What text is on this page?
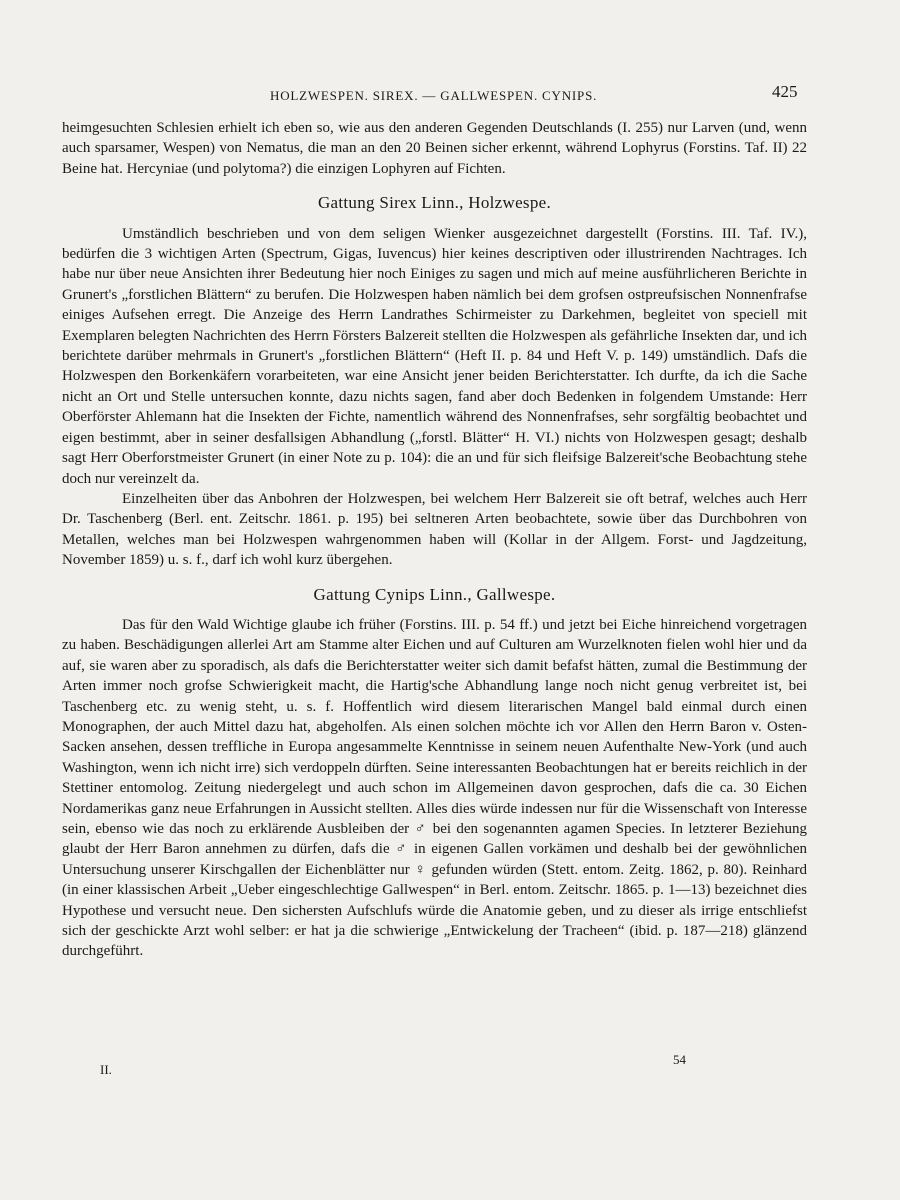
HOLZWESPEN. SIREX. — GALLWESPEN. CYNIPS.	425

heimgesuchten Schlesien erhielt ich eben so, wie aus den anderen Gegenden Deutschlands (I. 255) nur Larven (und, wenn auch sparsamer, Wespen) von Nematus, die man an den 20 Beinen sicher erkennt, während Lophyrus (Forstins. Taf. II) 22 Beine hat. Hercyniae (und polytoma?) die einzigen Lophyren auf Fichten.

Gattung Sirex Linn., Holzwespe.

Umständlich beschrieben und von dem seligen Wienker ausgezeichnet dargestellt (Forstins. III. Taf. IV.), bedürfen die 3 wichtigen Arten (Spectrum, Gigas, Iuvencus) hier keines descriptiven oder illustrirenden Nachtrages. Ich habe nur über neue Ansichten ihrer Bedeutung hier noch Einiges zu sagen und mich auf meine ausführlicheren Berichte in Grunert's „forstlichen Blättern“ zu berufen. Die Holzwespen haben nämlich bei dem grofsen ostpreufsischen Nonnenfrafse einiges Aufsehen erregt. Die Anzeige des Herrn Landrathes Schirmeister zu Darkehmen, begleitet von speciell mit Exemplaren belegten Nachrichten des Herrn Försters Balzereit stellten die Holzwespen als gefährliche Insekten dar, und ich berichtete darüber mehrmals in Grunert's „forstlichen Blättern“ (Heft II. p. 84 und Heft V. p. 149) umständlich. Dafs die Holzwespen den Borkenkäfern vorarbeiteten, war eine Ansicht jener beiden Berichterstatter. Ich durfte, da ich die Sache nicht an Ort und Stelle untersuchen konnte, dazu nichts sagen, fand aber doch Bedenken in folgendem Umstande: Herr Oberförster Ahlemann hat die Insekten der Fichte, namentlich während des Nonnenfrafses, sehr sorgfältig beobachtet und eigen bestimmt, aber in seiner desfallsigen Abhandlung („forstl. Blätter“ H. VI.) nichts von Holzwespen gesagt; deshalb sagt Herr Oberforstmeister Grunert (in einer Note zu p. 104): die an und für sich fleifsige Balzereit'sche Beobachtung stehe doch nur vereinzelt da.

Einzelheiten über das Anbohren der Holzwespen, bei welchem Herr Balzereit sie oft betraf, welches auch Herr Dr. Taschenberg (Berl. ent. Zeitschr. 1861. p. 195) bei seltneren Arten beobachtete, sowie über das Durchbohren von Metallen, welches man bei Holzwespen wahrgenommen haben will (Kollar in der Allgem. Forst- und Jagdzeitung, November 1859) u. s. f., darf ich wohl kurz übergehen.

Gattung Cynips Linn., Gallwespe.

Das für den Wald Wichtige glaube ich früher (Forstins. III. p. 54 ff.) und jetzt bei Eiche hinreichend vorgetragen zu haben. Beschädigungen allerlei Art am Stamme alter Eichen und auf Culturen am Wurzelknoten fielen wohl hier und da auf, sie waren aber zu sporadisch, als dafs die Berichterstatter weiter sich damit befafst hätten, zumal die Bestimmung der Arten immer noch grofse Schwierigkeit macht, die Hartig'sche Abhandlung lange noch nicht genug verbreitet ist, bei Taschenberg etc. zu wenig steht, u. s. f. Hoffentlich wird diesem literarischen Mangel bald einmal durch einen Monographen, der auch Mittel dazu hat, abgeholfen. Als einen solchen möchte ich vor Allen den Herrn Baron v. Osten-Sacken ansehen, dessen treffliche in Europa angesammelte Kenntnisse in seinem neuen Aufenthalte New-York (und auch Washington, wenn ich nicht irre) sich verdoppeln dürften. Seine interessanten Beobachtungen hat er bereits reichlich in der Stettiner entomolog. Zeitung niedergelegt und auch schon im Allgemeinen davon gesprochen, dafs die ca. 30 Eichen Nordamerikas ganz neue Erfahrungen in Aussicht stellten. Alles dies würde indessen nur für die Wissenschaft von Interesse sein, ebenso wie das noch zu erklärende Ausbleiben der ♂ bei den sogenannten agamen Species. In letzterer Beziehung glaubt der Herr Baron annehmen zu dürfen, dafs die ♂ in eigenen Gallen vorkämen und deshalb bei der gewöhnlichen Untersuchung unserer Kirschgallen der Eichenblätter nur ♀ gefunden würden (Stett. entom. Zeitg. 1862, p. 80). Reinhard (in einer klassischen Arbeit „Ueber eingeschlechtige Gallwespen“ in Berl. entom. Zeitschr. 1865. p. 1—13) bezeichnet dies Hypothese und versucht neue. Den sichersten Aufschlufs würde die Anatomie geben, und zu dieser als irrige entschliefst sich der geschickte Arzt wohl selber: er hat ja die schwierige „Entwickelung der Tracheen“ (ibid. p. 187—218) glänzend durchgeführt.

54
II.
